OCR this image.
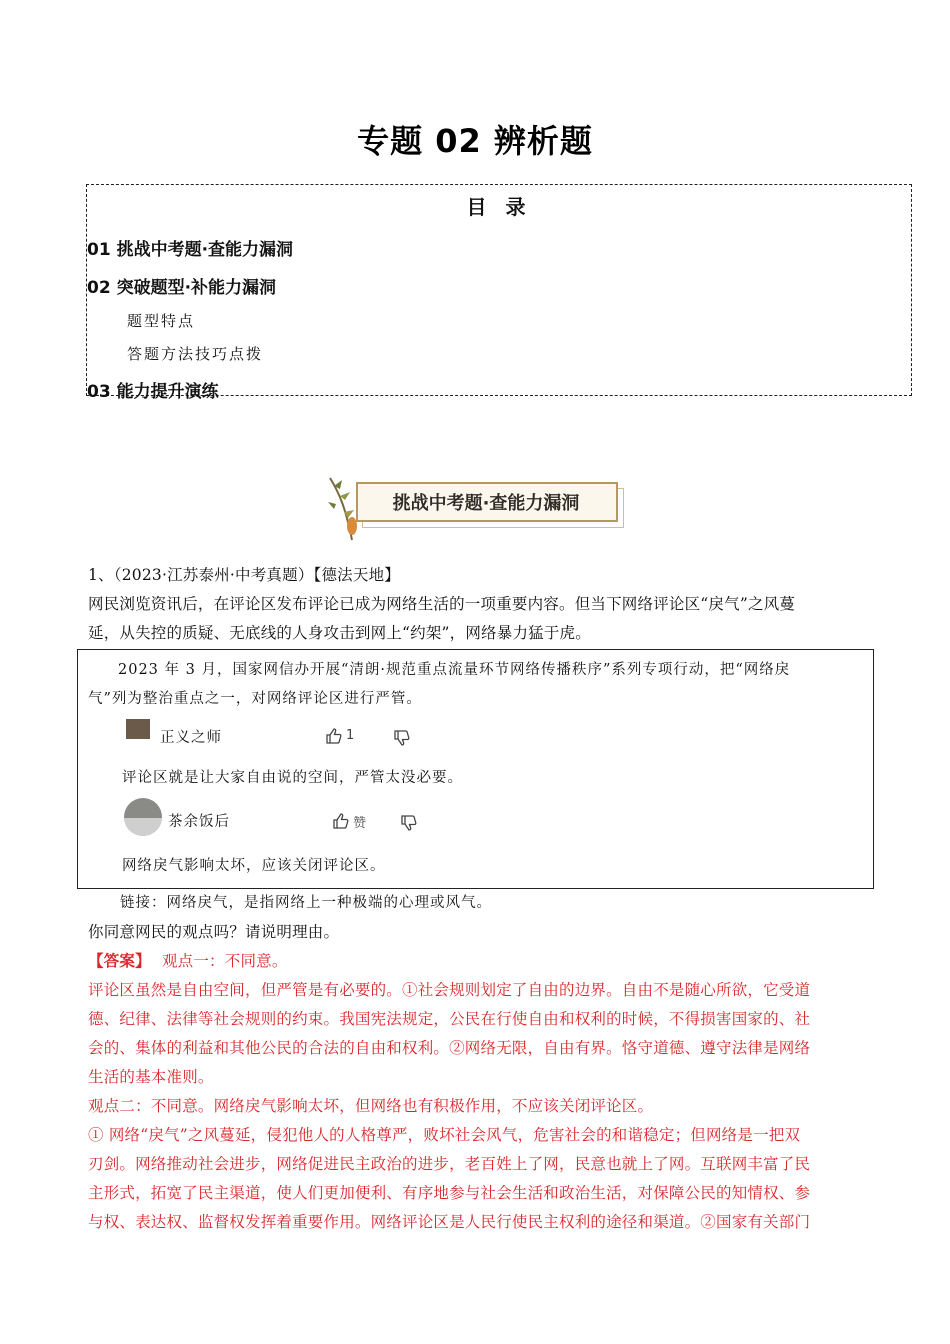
专题 02 辨析题
目 录
01 挑战中考题·查能力漏洞
02 突破题型·补能力漏洞
题型特点
答题方法技巧点拨
03 能力提升演练
挑战中考题·查能力漏洞
1、（2023·江苏泰州·中考真题）【德法天地】
网民浏览资讯后，在评论区发布评论已成为网络生活的一项重要内容。但当下网络评论区“戾气”之风蔓
延，从失控的质疑、无底线的人身攻击到网上“约架”，网络暴力猛于虎。
2023 年 3 月，国家网信办开展“清朗·规范重点流量环节网络传播秩序”系列专项行动，把“网络戾
气”列为整治重点之一，对网络评论区进行严管。
正义之师	1
评论区就是让大家自由说的空间，严管太没必要。
茶余饭后	赞
网络戾气影响太坏，应该关闭评论区。
链接：网络戾气，是指网络上一种极端的心理或风气。
你同意网民的观点吗？请说明理由。
【答案】 观点一：不同意。
评论区虽然是自由空间，但严管是有必要的。①社会规则划定了自由的边界。自由不是随心所欲，它受道
德、纪律、法律等社会规则的约束。我国宪法规定，公民在行使自由和权利的时候，不得损害国家的、社
会的、集体的利益和其他公民的合法的自由和权利。②网络无限，自由有界。恪守道德、遵守法律是网络
生活的基本准则。
观点二：不同意。网络戾气影响太坏，但网络也有积极作用，不应该关闭评论区。
① 网络“戾气”之风蔓延，侵犯他人的人格尊严，败坏社会风气，危害社会的和谐稳定；但网络是一把双
刃剑。网络推动社会进步，网络促进民主政治的进步，老百姓上了网，民意也就上了网。互联网丰富了民
主形式，拓宽了民主渠道，使人们更加便利、有序地参与社会生活和政治生活，对保障公民的知情权、参
与权、表达权、监督权发挥着重要作用。网络评论区是人民行使民主权利的途径和渠道。②国家有关部门
